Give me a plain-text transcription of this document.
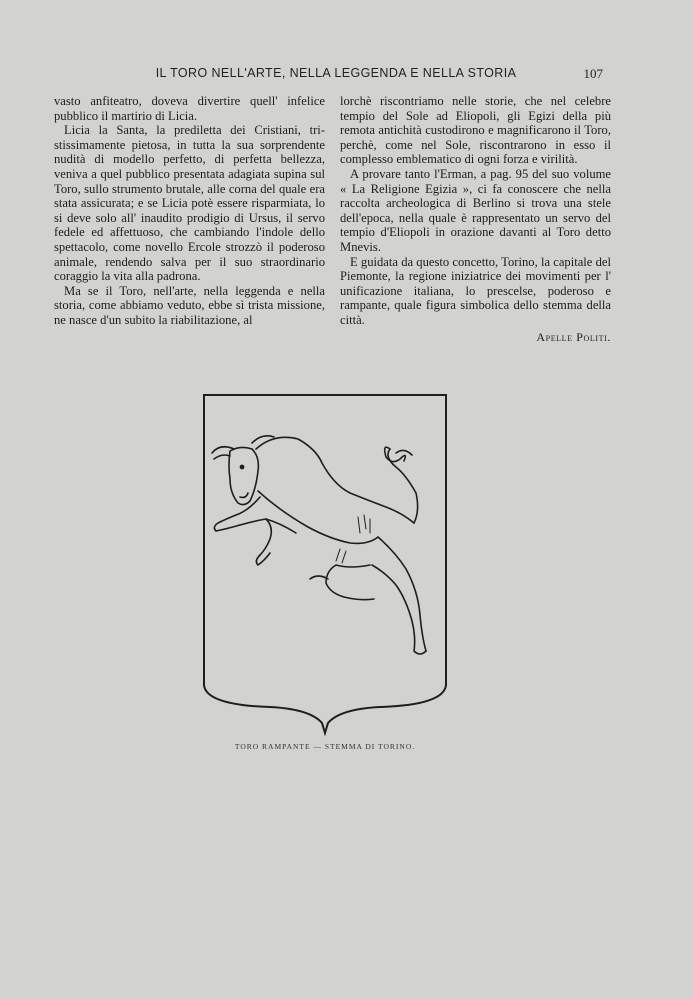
IL TORO NELL'ARTE, NELLA LEGGENDA E NELLA STORIA	107

vasto anfiteatro, doveva divertire quell' infelice pubblico il martirio di Licia.

Licia la Santa, la prediletta dei Cristiani, tristissimamente pietosa, in tutta la sua sorprendente nudità di modello perfetto, di perfetta bellezza, veniva a quel pubblico presentata adagiata supina sul Toro, sullo strumento brutale, alle corna del quale era stata assicurata; e se Licia potè essere risparmiata, lo si deve solo all' inaudito prodigio di Ursus, il servo fedele ed affettuoso, che cambiando l'indole dello spettacolo, come novello Ercole strozzò il poderoso animale, rendendo salva per il suo straordinario coraggio la vita alla padrona.

Ma se il Toro, nell'arte, nella leggenda e nella storia, come abbiamo veduto, ebbe sì trista missione, ne nasce d'un subito la riabilitazione, al

lorchè riscontriamo nelle storie, che nel celebre tempio del Sole ad Eliopoli, gli Egizi della più remota antichità custodirono e magnificarono il Toro, perchè, come nel Sole, riscontrarono in esso il complesso emblematico di ogni forza e virilità.

A provare tanto l'Erman, a pag. 95 del suo volume « La Religione Egizia », ci fa conoscere che nella raccolta archeologica di Berlino si trova una stele dell'epoca, nella quale è rappresentato un servo del tempio d'Eliopoli in orazione davanti al Toro detto Mnevis.

E guidata da questo concetto, Torino, la capitale del Piemonte, la regione iniziatrice dei movimenti per l' unificazione italiana, lo prescelse, poderoso e rampante, quale figura simbolica dello stemma della città.

Apelle Politi.
TORO RAMPANTE — STEMMA DI TORINO.
